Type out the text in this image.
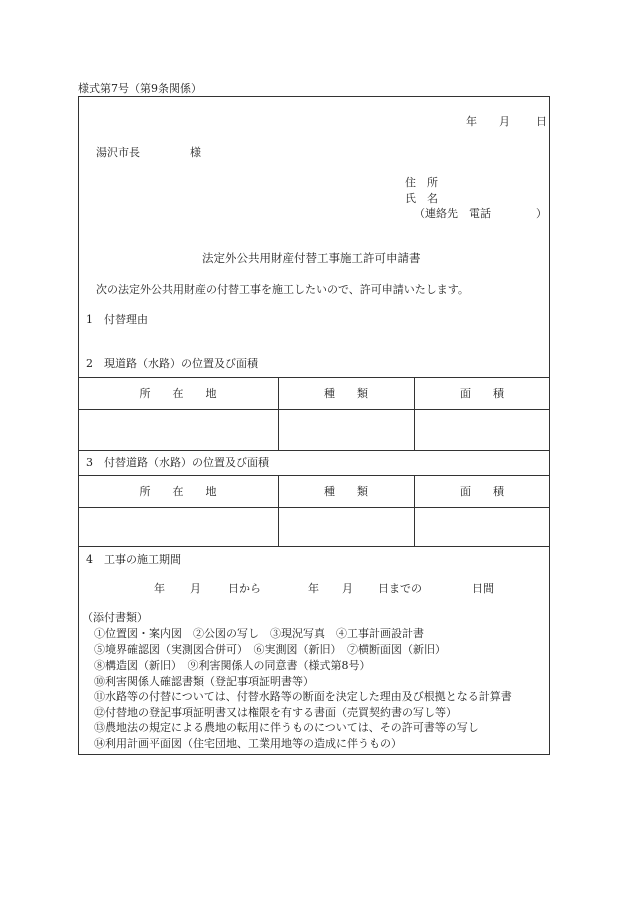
様式第7号（第9条関係）
年 月 日
湯沢市長	様
住　所
氏　名
（連絡先　電話	）
法定外公共用財産付替工事施工許可申請書
次の法定外公共用財産の付替工事を施工したいので、許可申請いたします。
1　付替理由
2　現道路（水路）の位置及び面積
所　　在　　地	種　　類	面　　積
3　付替道路（水路）の位置及び面積
所　　在　　地	種　　類	面　　積
4　工事の施工期間
年 月 日から	年 月 日までの	日間
（添付書類）
①位置図・案内図　②公図の写し　③現況写真　④工事計画設計書
⑤境界確認図（実測図合併可）　⑥実測図（新旧）　⑦横断面図（新旧）
⑧構造図（新旧）　⑨利害関係人の同意書（様式第8号）
⑩利害関係人確認書類（登記事項証明書等）
⑪水路等の付替については、付替水路等の断面を決定した理由及び根拠となる計算書
⑫付替地の登記事項証明書又は権限を有する書面（売買契約書の写し等）
⑬農地法の規定による農地の転用に伴うものについては、その許可書等の写し
⑭利用計画平面図（住宅団地、工業用地等の造成に伴うもの）
